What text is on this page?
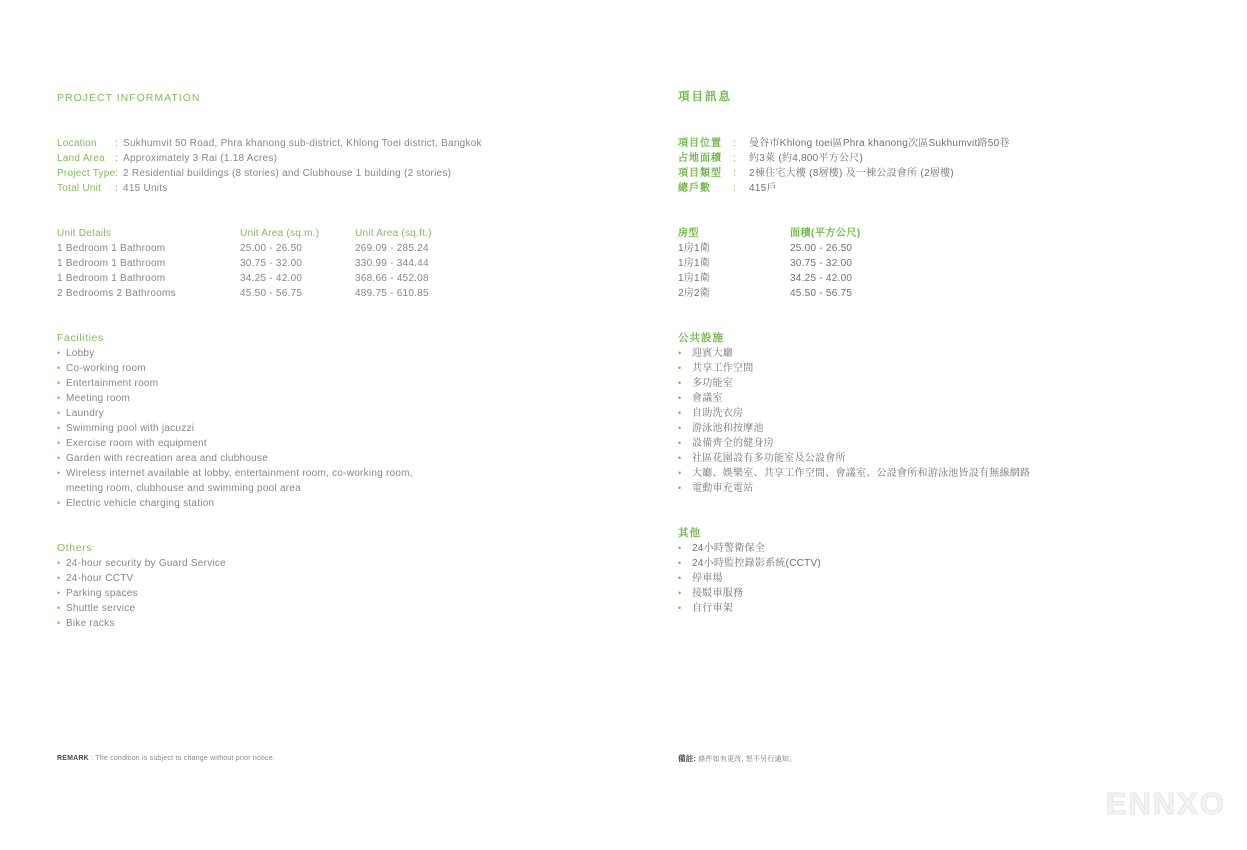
PROJECT INFORMATION
Location : Sukhumvit 50 Road, Phra khanong sub-district, Khlong Toei district, Bangkok
Land Area : Approximately 3 Rai (1.18 Acres)
Project Type: 2 Residential buildings (8 stories) and Clubhouse 1 building (2 stories)
Total Unit : 415 Units
Unit Details	Unit Area (sq.m.)	Unit Area (sq.ft.)
1 Bedroom 1 Bathroom	25.00 - 26.50	269.09 - 285.24
1 Bedroom 1 Bathroom	30.75 - 32.00	330.99 - 344.44
1 Bedroom 1 Bathroom	34.25 - 42.00	368.66 - 452.08
2 Bedrooms 2 Bathrooms	45.50 - 56.75	489.75 - 610.85
Facilities
• Lobby
• Co-working room
• Entertainment room
• Meeting room
• Laundry
• Swimming pool with jacuzzi
• Exercise room with equipment
• Garden with recreation area and clubhouse
• Wireless internet available at lobby, entertainment room, co-working room, meeting room, clubhouse and swimming pool area
• Electric vehicle charging station
Others
• 24-hour security by Guard Service
• 24-hour CCTV
• Parking spaces
• Shuttle service
• Bike racks
REMARK : The condition is subject to change without prior notice.
項目訊息
項目位置 : 曼谷市Khlong toei區Phra khanong次區Sukhumvit路50巷
占地面積 : 約3萊 (約4,800平方公尺)
項目類型 : 2棟住宅大樓 (8層樓) 及一棟公設會所 (2層樓)
總戶數 : 415戶
房型	面積(平方公尺)
1房1衛	25.00 - 26.50
1房1衛	30.75 - 32.00
1房1衛	34.25 - 42.00
2房2衛	45.50 - 56.75
公共設施
• 迎賓大廳
• 共享工作空間
• 多功能室
• 會議室
• 自助洗衣房
• 游泳池和按摩池
• 設備齊全的健身房
• 社區花園設有多功能室及公設會所
• 大廳、娛樂室、共享工作空間、會議室、公設會所和游泳池皆設有無線網路
• 電動車充電站
其他
• 24小時警衛保全
• 24小時監控錄影系統(CCTV)
• 停車場
• 接駁車服務
• 自行車架
備註: 條件如有更改, 恕不另行通知。
ENNXO
